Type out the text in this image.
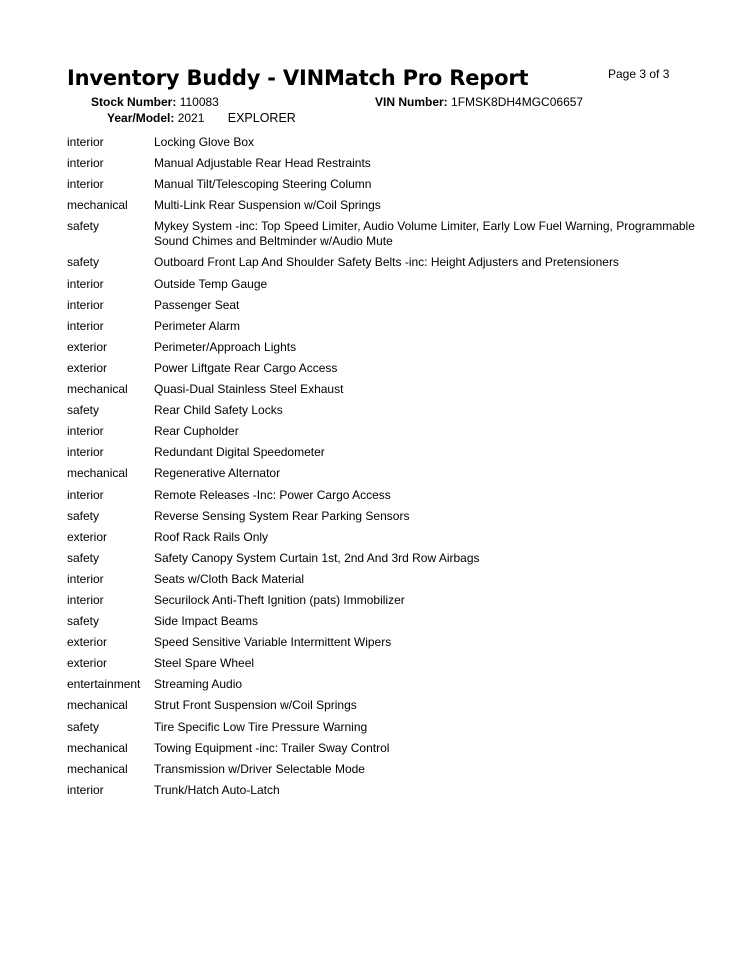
Inventory Buddy - VINMatch Pro Report	Page 3 of 3
Stock Number: 110083	VIN Number: 1FMSK8DH4MGC06657
Year/Model: 2021 EXPLORER
interior	Locking Glove Box
interior	Manual Adjustable Rear Head Restraints
interior	Manual Tilt/Telescoping Steering Column
mechanical	Multi-Link Rear Suspension w/Coil Springs
safety	Mykey System -inc: Top Speed Limiter, Audio Volume Limiter, Early Low Fuel Warning, Programmable Sound Chimes and Beltminder w/Audio Mute
safety	Outboard Front Lap And Shoulder Safety Belts -inc: Height Adjusters and Pretensioners
interior	Outside Temp Gauge
interior	Passenger Seat
interior	Perimeter Alarm
exterior	Perimeter/Approach Lights
exterior	Power Liftgate Rear Cargo Access
mechanical	Quasi-Dual Stainless Steel Exhaust
safety	Rear Child Safety Locks
interior	Rear Cupholder
interior	Redundant Digital Speedometer
mechanical	Regenerative Alternator
interior	Remote Releases -Inc: Power Cargo Access
safety	Reverse Sensing System Rear Parking Sensors
exterior	Roof Rack Rails Only
safety	Safety Canopy System Curtain 1st, 2nd And 3rd Row Airbags
interior	Seats w/Cloth Back Material
interior	Securilock Anti-Theft Ignition (pats) Immobilizer
safety	Side Impact Beams
exterior	Speed Sensitive Variable Intermittent Wipers
exterior	Steel Spare Wheel
entertainment	Streaming Audio
mechanical	Strut Front Suspension w/Coil Springs
safety	Tire Specific Low Tire Pressure Warning
mechanical	Towing Equipment -inc: Trailer Sway Control
mechanical	Transmission w/Driver Selectable Mode
interior	Trunk/Hatch Auto-Latch
